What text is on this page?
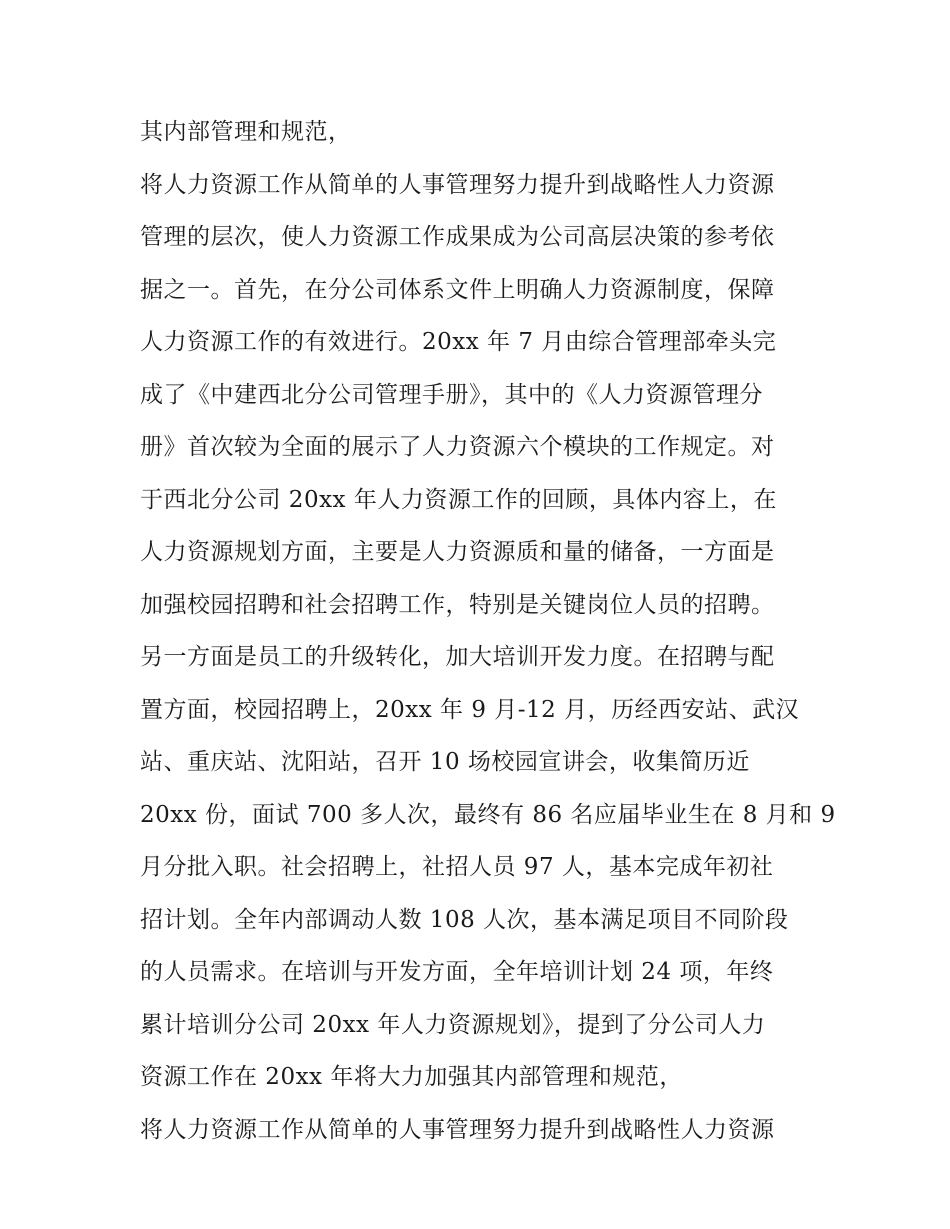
其内部管理和规范，
将人力资源工作从简单的人事管理努力提升到战略性人力资源
管理的层次，使人力资源工作成果成为公司高层决策的参考依
据之一。首先，在分公司体系文件上明确人力资源制度，保障
人力资源工作的有效进行。20xx 年 7 月由综合管理部牵头完
成了《中建西北分公司管理手册》，其中的《人力资源管理分
册》首次较为全面的展示了人力资源六个模块的工作规定。对
于西北分公司 20xx 年人力资源工作的回顾，具体内容上，在
人力资源规划方面，主要是人力资源质和量的储备，一方面是
加强校园招聘和社会招聘工作，特别是关键岗位人员的招聘。
另一方面是员工的升级转化，加大培训开发力度。在招聘与配
置方面，校园招聘上，20xx 年 9 月-12 月，历经西安站、武汉
站、重庆站、沈阳站，召开 10 场校园宣讲会，收集简历近
20xx 份，面试 700 多人次，最终有 86 名应届毕业生在 8 月和 9
月分批入职。社会招聘上，社招人员 97 人，基本完成年初社
招计划。全年内部调动人数 108 人次，基本满足项目不同阶段
的人员需求。在培训与开发方面，全年培训计划 24 项，年终
累计培训分公司 20xx 年人力资源规划》，提到了分公司人力
资源工作在 20xx 年将大力加强其内部管理和规范，
将人力资源工作从简单的人事管理努力提升到战略性人力资源
